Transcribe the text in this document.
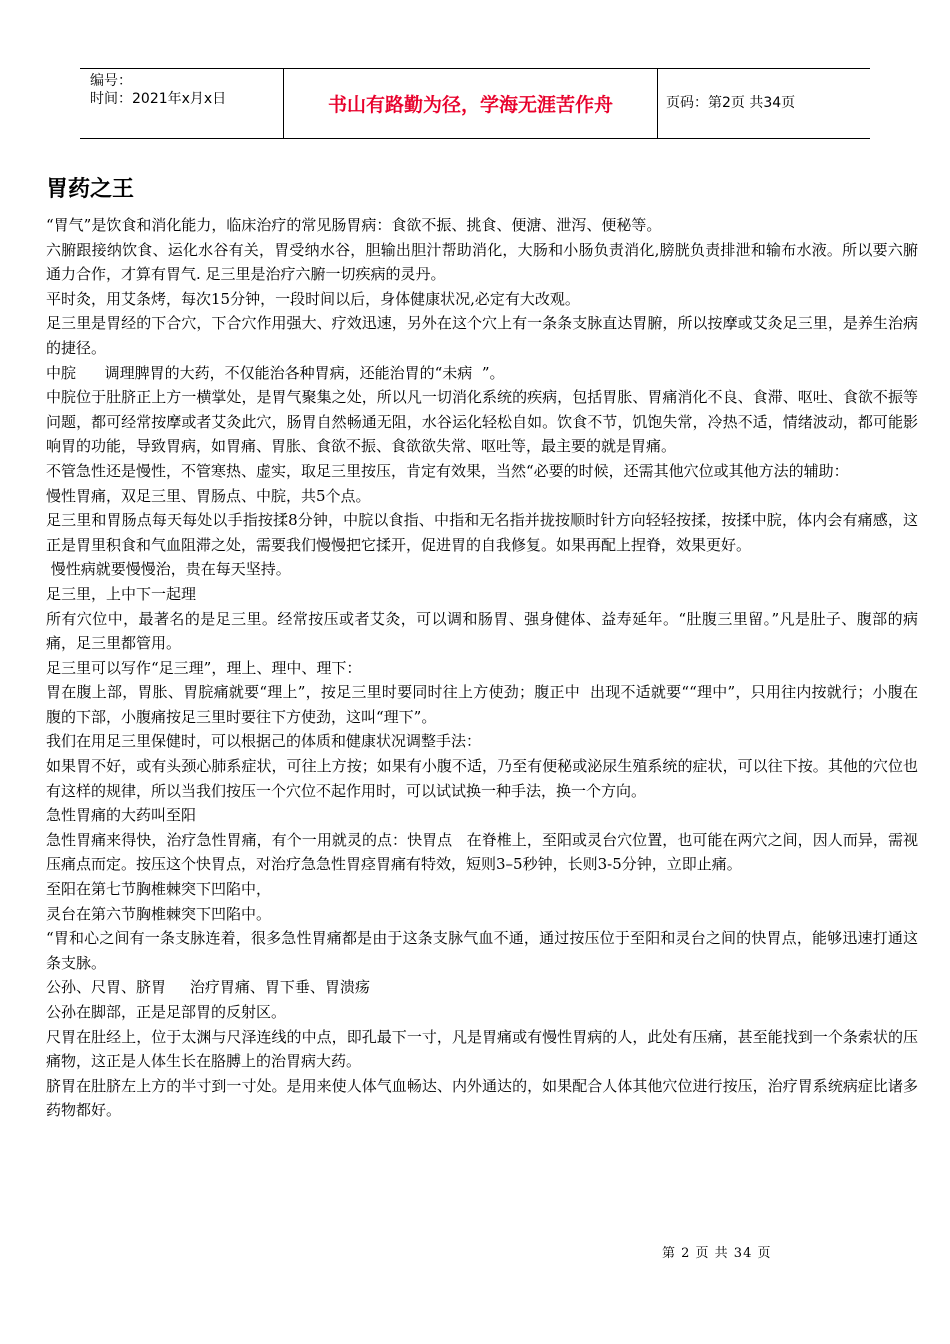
编号：
时间：2021年x月x日	书山有路勤为径，学海无涯苦作舟	页码：第2页 共34页
胃药之王

“胃气”是饮食和消化能力，临床治疗的常见肠胃病：食欲不振、挑食、便溏、泄泻、便秘等。

六腑跟接纳饮食、运化水谷有关，胃受纳水谷，胆输出胆汁帮助消化，大肠和小肠负责消化,膀胱负责排泄和输布水液。所以要六腑通力合作，才算有胃气. 足三里是治疗六腑一切疾病的灵丹。

平时灸，用艾条烤，每次15分钟，一段时间以后，身体健康状况,必定有大改观。

足三里是胃经的下合穴，下合穴作用强大、疗效迅速，另外在这个穴上有一条条支脉直达胃腑，所以按摩或艾灸足三里，是养生治病的捷径。

中脘      调理脾胃的大药，不仅能治各种胃病，还能治胃的“未病  ”。

中脘位于肚脐正上方一横掌处，是胃气聚集之处，所以凡一切消化系统的疾病，包括胃胀、胃痛消化不良、食滞、呕吐、食欲不振等问题，都可经常按摩或者艾灸此穴，肠胃自然畅通无阻，水谷运化轻松自如。饮食不节，饥饱失常，冷热不适，情绪波动，都可能影响胃的功能，导致胃病，如胃痛、胃胀、食欲不振、食欲欲失常、呕吐等，最主要的就是胃痛。

不管急性还是慢性，不管寒热、虚实，取足三里按压，肯定有效果，当然“必要的时候，还需其他穴位或其他方法的辅助：

慢性胃痛，双足三里、胃肠点、中脘，共5个点。

足三里和胃肠点每天每处以手指按揉8分钟，中脘以食指、中指和无名指并拢按顺时针方向轻轻按揉，按揉中脘，体内会有痛感，这正是胃里积食和气血阻滞之处，需要我们慢慢把它揉开，促进胃的自我修复。如果再配上捏脊，效果更好。

慢性病就要慢慢治，贵在每天坚持。

足三里，上中下一起理

所有穴位中，最著名的是足三里。经常按压或者艾灸，可以调和肠胃、强身健体、益寿延年。“肚腹三里留。”凡是肚子、腹部的病痛，足三里都管用。

足三里可以写作“足三理”，理上、理中、理下：

胃在腹上部，胃胀、胃脘痛就要“理上”，按足三里时要同时往上方使劲；腹正中  出现不适就要““理中”，只用往内按就行；小腹在腹的下部，小腹痛按足三里时要往下方使劲，这叫“理下”。

我们在用足三里保健时，可以根据己的体质和健康状况调整手法：

如果胃不好，或有头颈心肺系症状，可往上方按；如果有小腹不适，乃至有便秘或泌尿生殖系统的症状，可以往下按。其他的穴位也有这样的规律，所以当我们按压一个穴位不起作用时，可以试试换一种手法，换一个方向。

急性胃痛的大药叫至阳

急性胃痛来得快，治疗急性胃痛，有个一用就灵的点：快胃点   在脊椎上，至阳或灵台穴位置，也可能在两穴之间，因人而异，需视压痛点而定。按压这个快胃点，对治疗急急性胃痉胃痛有特效，短则3–5秒钟，长则3-5分钟，立即止痛。

至阳在第七节胸椎棘突下凹陷中，

灵台在第六节胸椎棘突下凹陷中。

“胃和心之间有一条支脉连着，很多急性胃痛都是由于这条支脉气血不通，通过按压位于至阳和灵台之间的快胃点，能够迅速打通这条支脉。

公孙、尺胃、脐胃     治疗胃痛、胃下垂、胃溃疡

公孙在脚部，正是足部胃的反射区。

尺胃在肚经上，位于太渊与尺泽连线的中点，即孔最下一寸，凡是胃痛或有慢性胃病的人，此处有压痛，甚至能找到一个条索状的压痛物，这正是人体生长在胳膊上的治胃病大药。

脐胃在肚脐左上方的半寸到一寸处。是用来使人体气血畅达、内外通达的，如果配合人体其他穴位进行按压，治疗胃系统病症比诸多药物都好。

第 2 页 共 34 页
